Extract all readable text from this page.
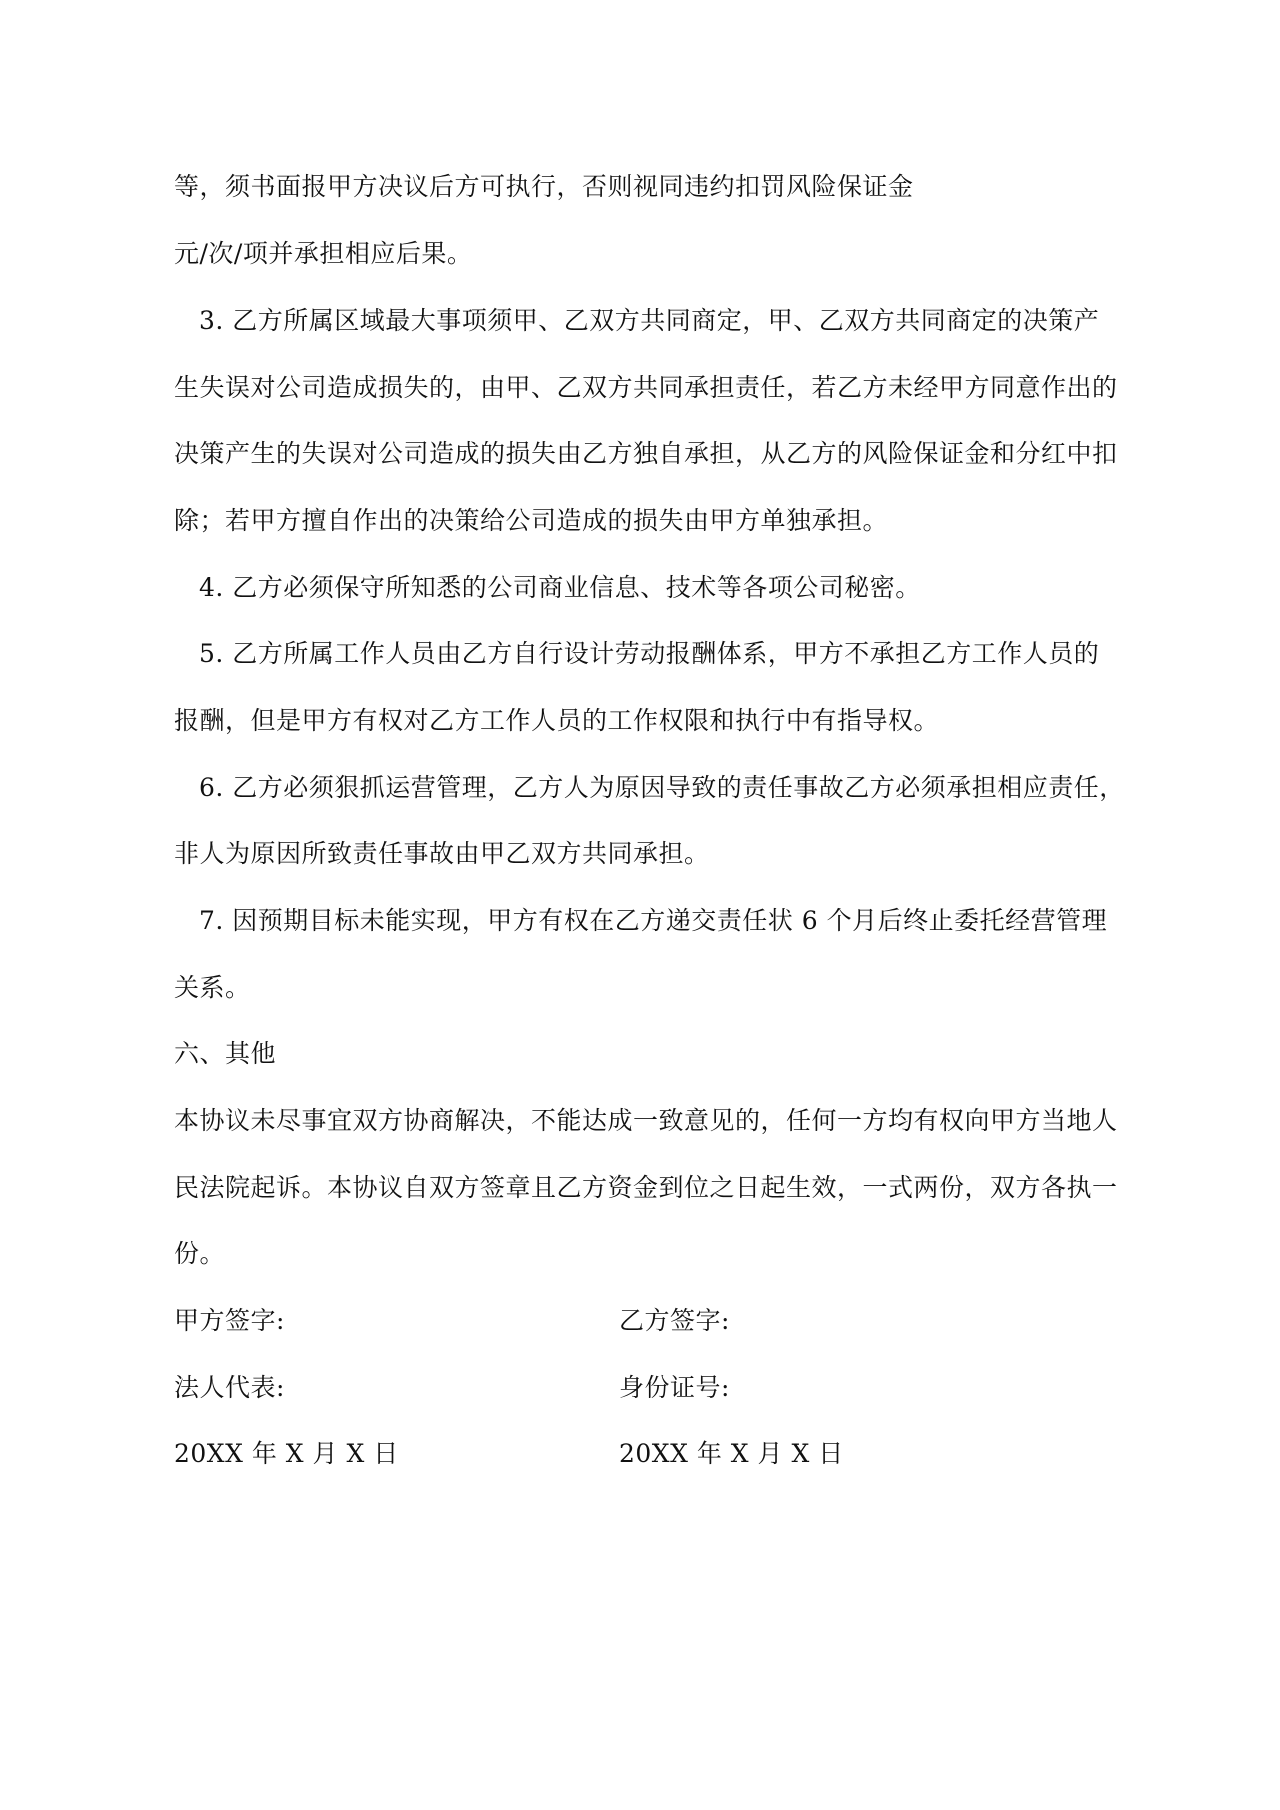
等，须书面报甲方决议后方可执行，否则视同违约扣罚风险保证金
元/次/项并承担相应后果。
3. 乙方所属区域最大事项须甲、乙双方共同商定，甲、乙双方共同商定的决策产
生失误对公司造成损失的，由甲、乙双方共同承担责任，若乙方未经甲方同意作出的
决策产生的失误对公司造成的损失由乙方独自承担，从乙方的风险保证金和分红中扣
除；若甲方擅自作出的决策给公司造成的损失由甲方单独承担。
4. 乙方必须保守所知悉的公司商业信息、技术等各项公司秘密。
5. 乙方所属工作人员由乙方自行设计劳动报酬体系，甲方不承担乙方工作人员的
报酬，但是甲方有权对乙方工作人员的工作权限和执行中有指导权。
6. 乙方必须狠抓运营管理，乙方人为原因导致的责任事故乙方必须承担相应责任，
非人为原因所致责任事故由甲乙双方共同承担。
7. 因预期目标未能实现，甲方有权在乙方递交责任状 6 个月后终止委托经营管理
关系。
六、其他
本协议未尽事宜双方协商解决，不能达成一致意见的，任何一方均有权向甲方当地人
民法院起诉。本协议自双方签章且乙方资金到位之日起生效，一式两份，双方各执一
份。
甲方签字:	乙方签字:
法人代表:	身份证号:
20XX 年 X 月 X 日	20XX 年 X 月 X 日
